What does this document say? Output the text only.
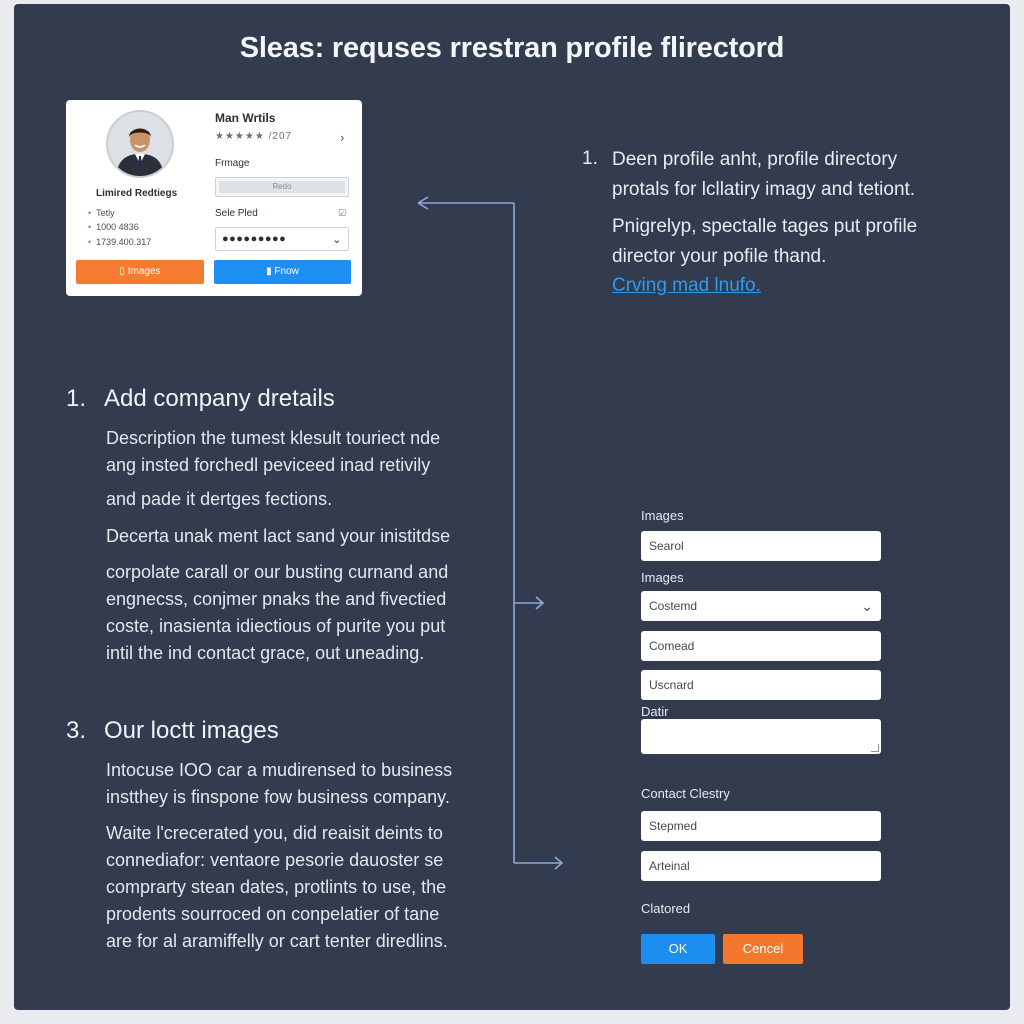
Sleas: requses rrestran profile flirectord
Limired Redtiegs
• Tetly
• 1000 4836
• 1739.400.317
Man Wrtils
★★★★★ /207	›
Frmage
Redo
Sele Pled	☑
●●●●●●●●●	⌄
▯ Images	▮ Fnow
1. Deen profile anht, profile directory
protals for lcllatiry imagy and tetiont.
Pnigrelyp, spectalle tages put profile
director your pofile thand.
Crving mad lnufo.
1. Add company dretails
Description the tumest klesult touriect nde
ang insted forchedl peviceed inad retivily
and pade it dertges fections.
Decerta unak ment lact sand your inistitdse
corpolate carall or our busting curnand and
engnecss, conjmer pnaks the and fivectied
coste, inasienta idiectious of purite you put
intil the ind contact grace, out uneading.
3. Our loctt images
Intocuse IOO car a mudirensed to business
instthey is finspone fow business company.
Waite l'crecerated you, did reaisit deints to
connediafor: ventaore pesorie dauoster se
comprarty stean dates, protlints to use, the
prodents sourroced on conpelatier of tane
are for al aramiffelly or cart tenter diredlins.
Images
Searol
Images
Costemd	⌄
Comead
Uscnard
Datir
Contact Clestry
Stepmed
Arteinal
Clatored
OK	Cencel
